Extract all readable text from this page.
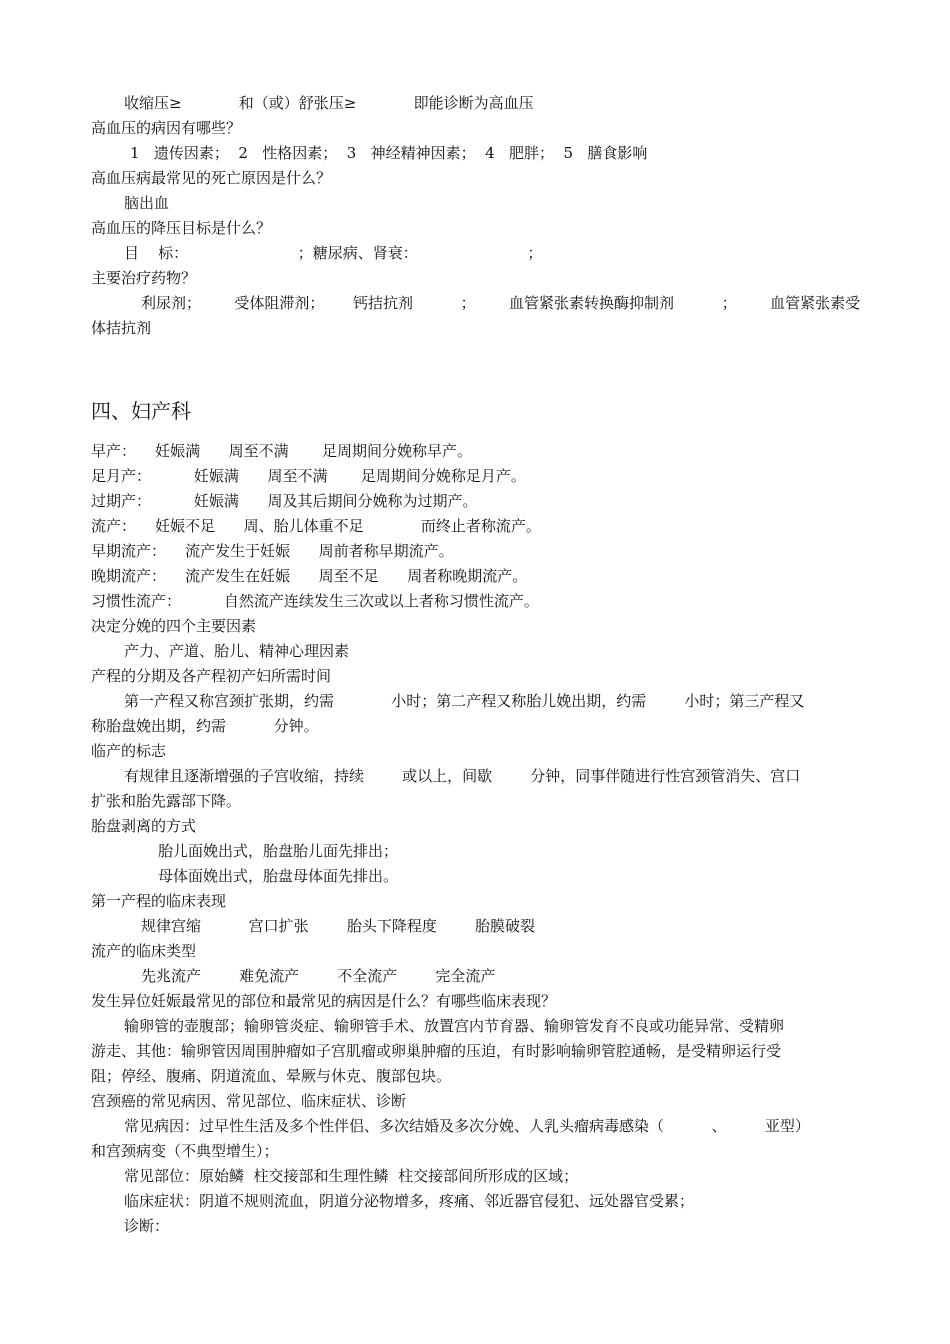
收缩压≥            和（或）舒张压≥            即能诊断为高血压
高血压的病因有哪些？
1   遗传因素；  2   性格因素；  3   神经精神因素；  4   肥胖；  5   膳食影响
高血压病最常见的死亡原因是什么？
脑出血
高血压的降压目标是什么？
目    标：                       ；糖尿病、肾衰：                       ；
主要治疗药物？
利尿剂；       受体阻滞剂；      钙拮抗剂          ；       血管紧张素转换酶抑制剂          ；       血管紧张素受
体拮抗剂
四、妇产科
早产：    妊娠满      周至不满       足周期间分娩称早产。
足月产：         妊娠满      周至不满       足周期间分娩称足月产。
过期产：         妊娠满      周及其后期间分娩称为过期产。
流产：    妊娠不足      周、胎儿体重不足            而终止者称流产。
早期流产：    流产发生于妊娠      周前者称早期流产。
晚期流产：    流产发生在妊娠      周至不足      周者称晚期流产。
习惯性流产：         自然流产连续发生三次或以上者称习惯性流产。
决定分娩的四个主要因素
产力、产道、胎儿、精神心理因素
产程的分期及各产程初产妇所需时间
第一产程又称宫颈扩张期，约需            小时；第二产程又称胎儿娩出期，约需        小时；第三产程又
称胎盘娩出期，约需          分钟。
临产的标志
有规律且逐渐增强的子宫收缩，持续        或以上，间歇        分钟，同事伴随进行性宫颈管消失、宫口
扩张和胎先露部下降。
胎盘剥离的方式
胎儿面娩出式，胎盘胎儿面先排出；
母体面娩出式，胎盘母体面先排出。
第一产程的临床表现
规律宫缩          宫口扩张        胎头下降程度        胎膜破裂
流产的临床类型
先兆流产        难免流产        不全流产        完全流产
发生异位妊娠最常见的部位和最常见的病因是什么？有哪些临床表现？
输卵管的壶腹部；输卵管炎症、输卵管手术、放置宫内节育器、输卵管发育不良或功能异常、受精卵
游走、其他：输卵管因周围肿瘤如子宫肌瘤或卵巢肿瘤的压迫，有时影响输卵管腔通畅，是受精卵运行受
阻；停经、腹痛、阴道流血、晕厥与休克、腹部包块。
宫颈癌的常见病因、常见部位、临床症状、诊断
常见病因：过早性生活及多个性伴侣、多次结婚及多次分娩、人乳头瘤病毒感染（          、        亚型）
和宫颈病变（不典型增生）；
常见部位：原始鳞  柱交接部和生理性鳞  柱交接部间所形成的区域；
临床症状：阴道不规则流血，阴道分泌物增多，疼痛、邻近器官侵犯、远处器官受累；
诊断：
